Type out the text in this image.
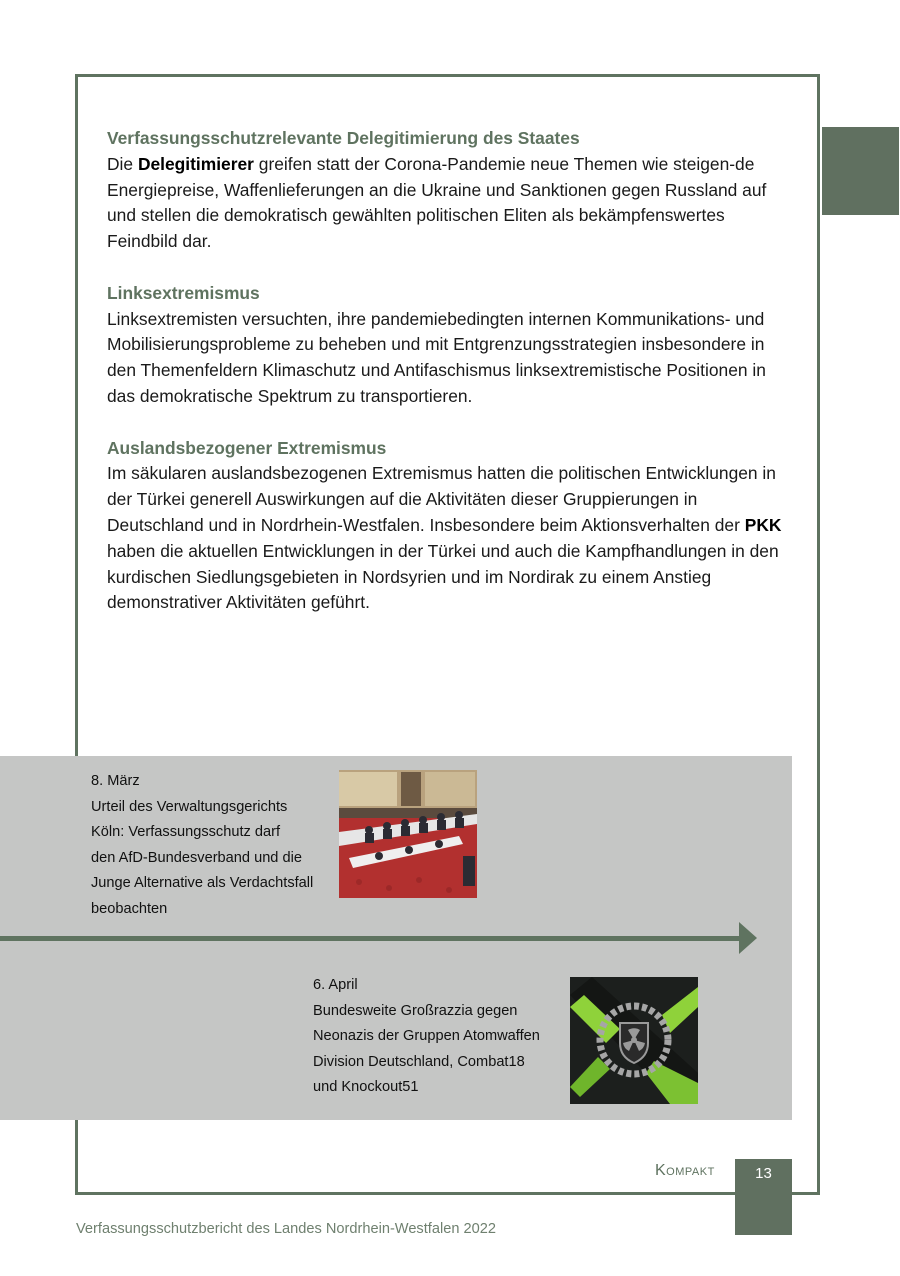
Verfassungsschutzrelevante Delegitimierung des Staates

Die Delegitimierer greifen statt der Corona-Pandemie neue Themen wie steigen-de Energiepreise, Waffenlieferungen an die Ukraine und Sanktionen gegen Russland auf und stellen die demokratisch gewählten politischen Eliten als bekämpfenswertes Feindbild dar.

Linksextremismus

Linksextremisten versuchten, ihre pandemiebedingten internen Kommunikations- und Mobilisierungsprobleme zu beheben und mit Entgrenzungsstrategien insbesondere in den Themenfeldern Klimaschutz und Antifaschismus linksextremistische Positionen in das demokratische Spektrum zu transportieren.

Auslandsbezogener Extremismus

Im säkularen auslandsbezogenen Extremismus hatten die politischen Entwicklungen in der Türkei generell Auswirkungen auf die Aktivitäten dieser Gruppierungen in Deutschland und in Nordrhein-Westfalen. Insbesondere beim Aktionsverhalten der PKK haben die aktuellen Entwicklungen in der Türkei und auch die Kampfhandlungen in den kurdischen Siedlungsgebieten in Nordsyrien und im Nordirak zu einem Anstieg demonstrativer Aktivitäten geführt.

8. März
Urteil des Verwaltungsgerichts
Köln: Verfassungsschutz darf
den AfD-Bundesverband und die
Junge Alternative als Verdachtsfall
beobachten
6. April
Bundesweite Großrazzia gegen
Neonazis der Gruppen Atomwaffen
Division Deutschland, Combat18
und Knockout51
Kompakt	13
Verfassungsschutzbericht des Landes Nordrhein-Westfalen 2022
